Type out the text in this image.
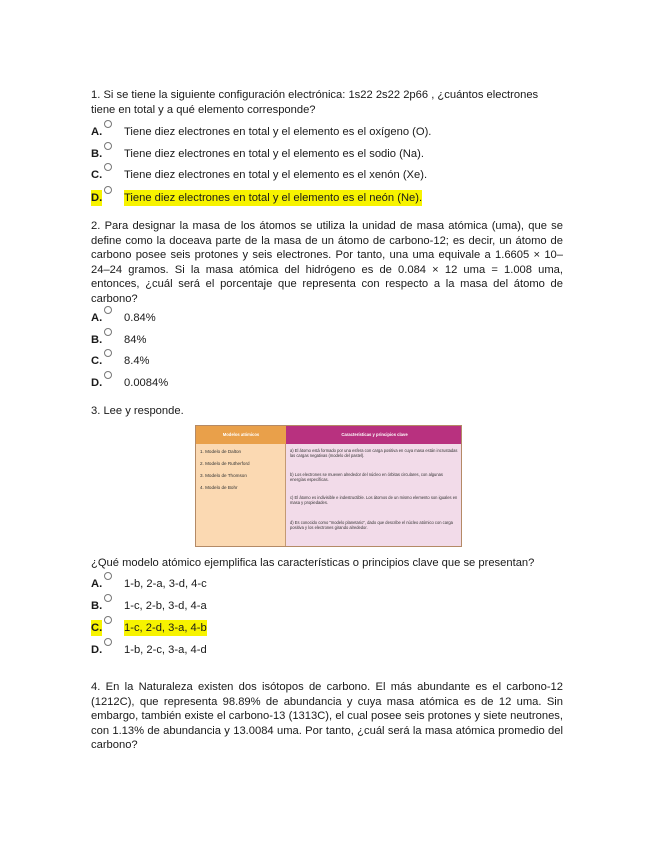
1. Si se tiene la siguiente configuración electrónica: 1s22 2s22 2p66 , ¿cuántos electrones tiene en total y a qué elemento corresponde?
A. Tiene diez electrones en total y el elemento es el oxígeno (O).
B. Tiene diez electrones en total y el elemento es el sodio (Na).
C. Tiene diez electrones en total y el elemento es el xenón (Xe).
D. Tiene diez electrones en total y el elemento es el neón (Ne).
2. Para designar la masa de los átomos se utiliza la unidad de masa atómica (uma), que se define como la doceava parte de la masa de un átomo de carbono-12; es decir, un átomo de carbono posee seis protones y seis electrones. Por tanto, una uma equivale a 1.6605 × 10–24–24 gramos. Si la masa atómica del hidrógeno es de 0.084 × 12 uma = 1.008 uma, entonces, ¿cuál será el porcentaje que representa con respecto a la masa del átomo de carbono?
A. 0.84%
B. 84%
C. 8.4%
D. 0.0084%
3. Lee y responde.
Modelos atómicos	Características y principios clave
1. Modelo de Dalton
2. Modelo de Rutherford
3. Modelo de Thomson
4. Modelo de Bohr
a) El átomo está formado por una esfera con carga positiva en cuya masa están incrustadas las cargas negativas (modelo del pastel).
b) Los electrones se mueven alrededor del núcleo en órbitas circulares, con algunas energías específicas.
c) El átomo es indivisible e indestructible. Los átomos de un mismo elemento son iguales en masa y propiedades.
d) Es conocido como "modelo planetario", dado que describe el núcleo atómico con carga positiva y los electrones girando alrededor.
¿Qué modelo atómico ejemplifica las características o principios clave que se presentan?
A. 1-b, 2-a, 3-d, 4-c
B. 1-c, 2-b, 3-d, 4-a
C. 1-c, 2-d, 3-a, 4-b
D. 1-b, 2-c, 3-a, 4-d
4. En la Naturaleza existen dos isótopos de carbono. El más abundante es el carbono-12 (1212C), que representa 98.89% de abundancia y cuya masa atómica es de 12 uma. Sin embargo, también existe el carbono-13 (1313C), el cual posee seis protones y siete neutrones, con 1.13% de abundancia y 13.0084 uma. Por tanto, ¿cuál será la masa atómica promedio del carbono?
